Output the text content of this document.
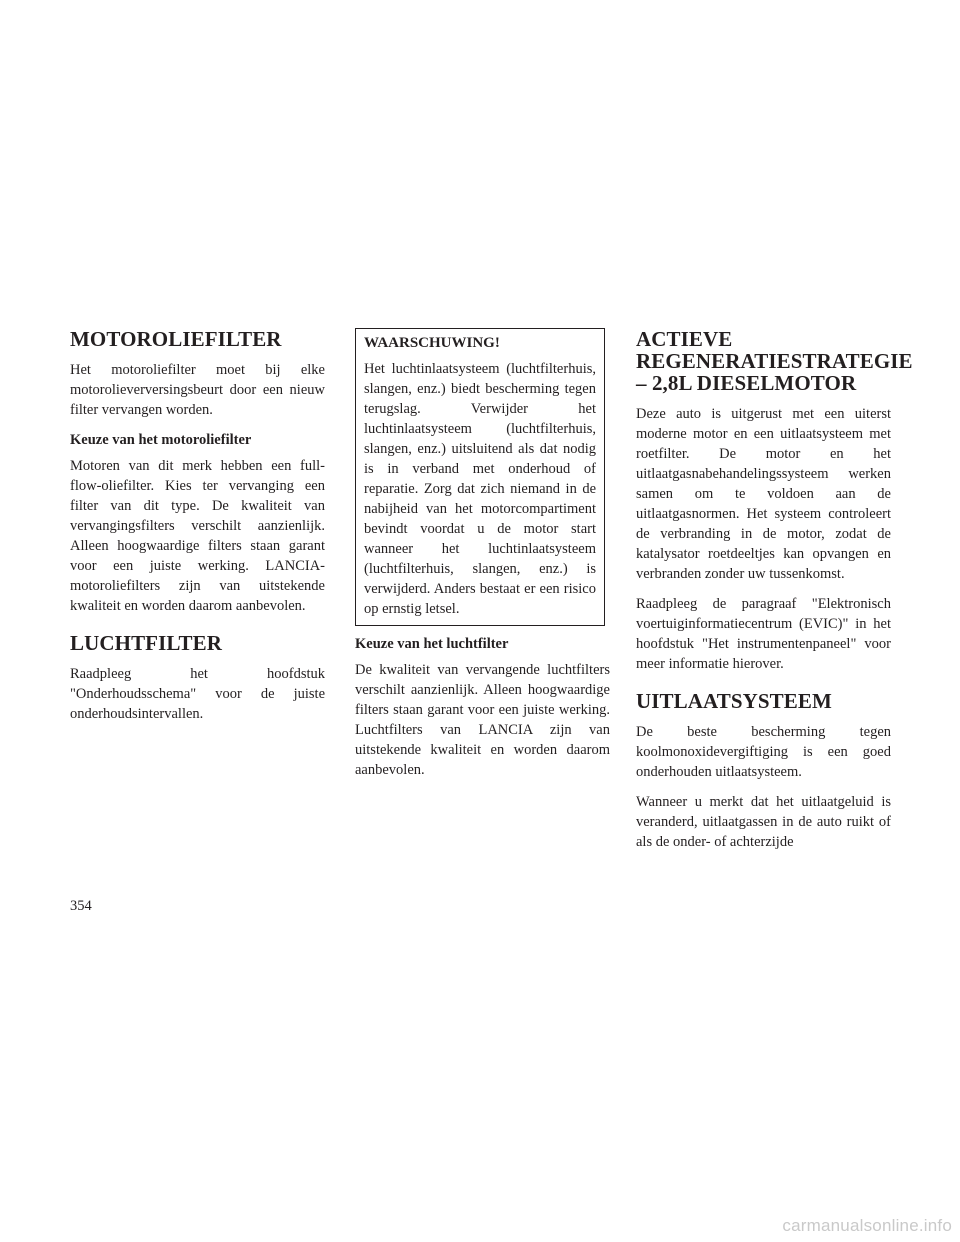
MOTOROLIEFILTER

Het motoroliefilter moet bij elke motorolieverversingsbeurt door een nieuw filter vervangen worden.

Keuze van het motoroliefilter

Motoren van dit merk hebben een full-flow-oliefilter. Kies ter vervanging een filter van dit type. De kwaliteit van vervangingsfilters verschilt aanzienlijk. Alleen hoogwaardige filters staan garant voor een juiste werking. LANCIA-motoroliefilters zijn van uitstekende kwaliteit en worden daarom aanbevolen.

LUCHTFILTER

Raadpleeg het hoofdstuk "Onderhoudsschema" voor de juiste onderhoudsintervallen.

WAARSCHUWING!

Het luchtinlaatsysteem (luchtfilterhuis, slangen, enz.) biedt bescherming tegen terugslag. Verwijder het luchtinlaatsysteem (luchtfilterhuis, slangen, enz.) uitsluitend als dat nodig is in verband met onderhoud of reparatie. Zorg dat zich niemand in de nabijheid van het motorcompartiment bevindt voordat u de motor start wanneer het luchtinlaatsysteem (luchtfilterhuis, slangen, enz.) is verwijderd. Anders bestaat er een risico op ernstig letsel.

Keuze van het luchtfilter

De kwaliteit van vervangende luchtfilters verschilt aanzienlijk. Alleen hoogwaardige filters staan garant voor een juiste werking. Luchtfilters van LANCIA zijn van uitstekende kwaliteit en worden daarom aanbevolen.

ACTIEVE
REGENERATIESTRATEGIE
– 2,8L DIESELMOTOR

Deze auto is uitgerust met een uiterst moderne motor en een uitlaatsysteem met roetfilter. De motor en het uitlaatgasnabehandelingssysteem werken samen om te voldoen aan de uitlaatgasnormen. Het systeem controleert de verbranding in de motor, zodat de katalysator roetdeeltjes kan opvangen en verbranden zonder uw tussenkomst.

Raadpleeg de paragraaf "Elektronisch voertuiginformatiecentrum (EVIC)" in het hoofdstuk "Het instrumentenpaneel" voor meer informatie hierover.

UITLAATSYSTEEM

De beste bescherming tegen koolmonoxidevergiftiging is een goed onderhouden uitlaatsysteem.

Wanneer u merkt dat het uitlaatgeluid is veranderd, uitlaatgassen in de auto ruikt of als de onder- of achterzijde

354
carmanualsonline.info
